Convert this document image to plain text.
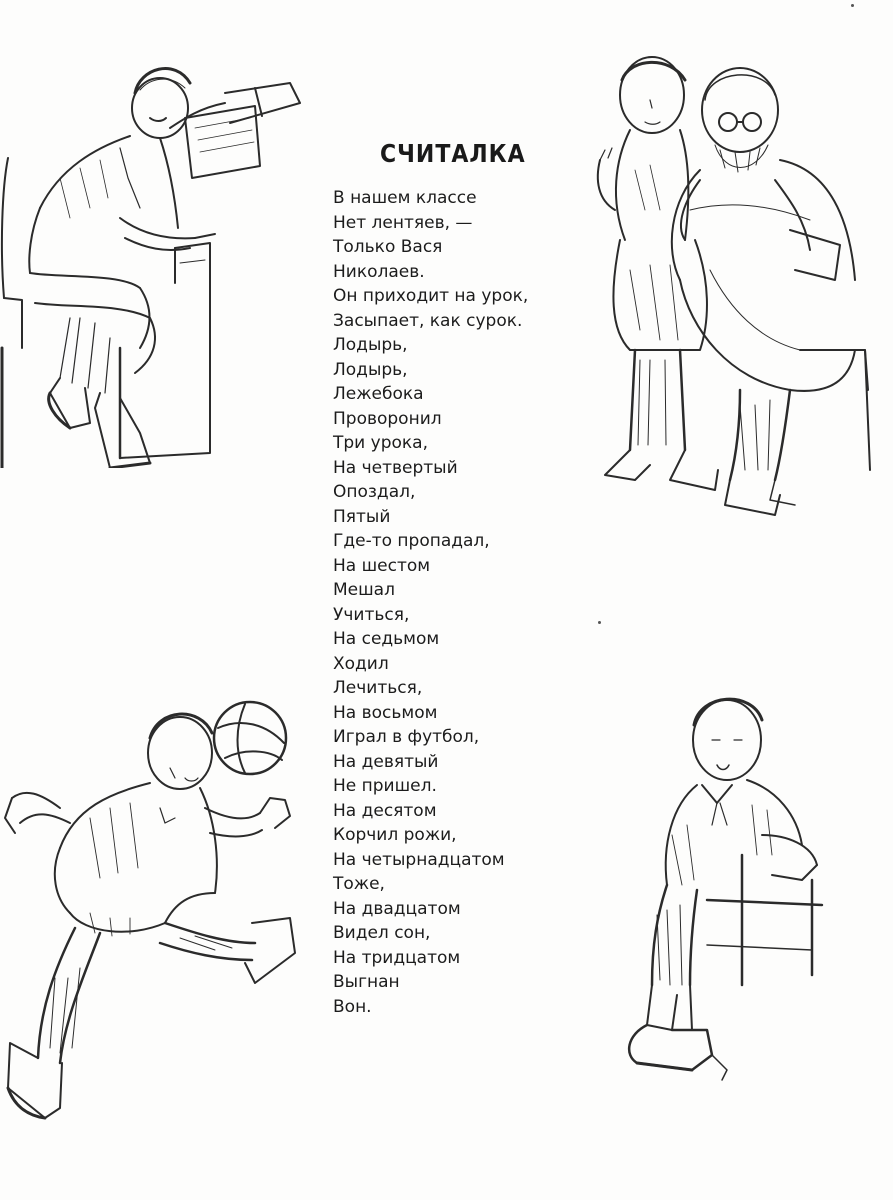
СЧИТАЛКА
В нашем классе
Нет лентяев, —
Только Вася
Николаев.
Он приходит на урок,
Засыпает, как сурок.
Лодырь,
Лодырь,
Лежебока
Проворонил
Три урока,
На четвертый
Опоздал,
Пятый
Где-то пропадал,
На шестом
Мешал
Учиться,
На седьмом
Ходил
Лечиться,
На восьмом
Играл в футбол,
На девятый
Не пришел.
На десятом
Корчил рожи,
На четырнадцатом
Тоже,
На двадцатом
Видел сон,
На тридцатом
Выгнан
Вон.
